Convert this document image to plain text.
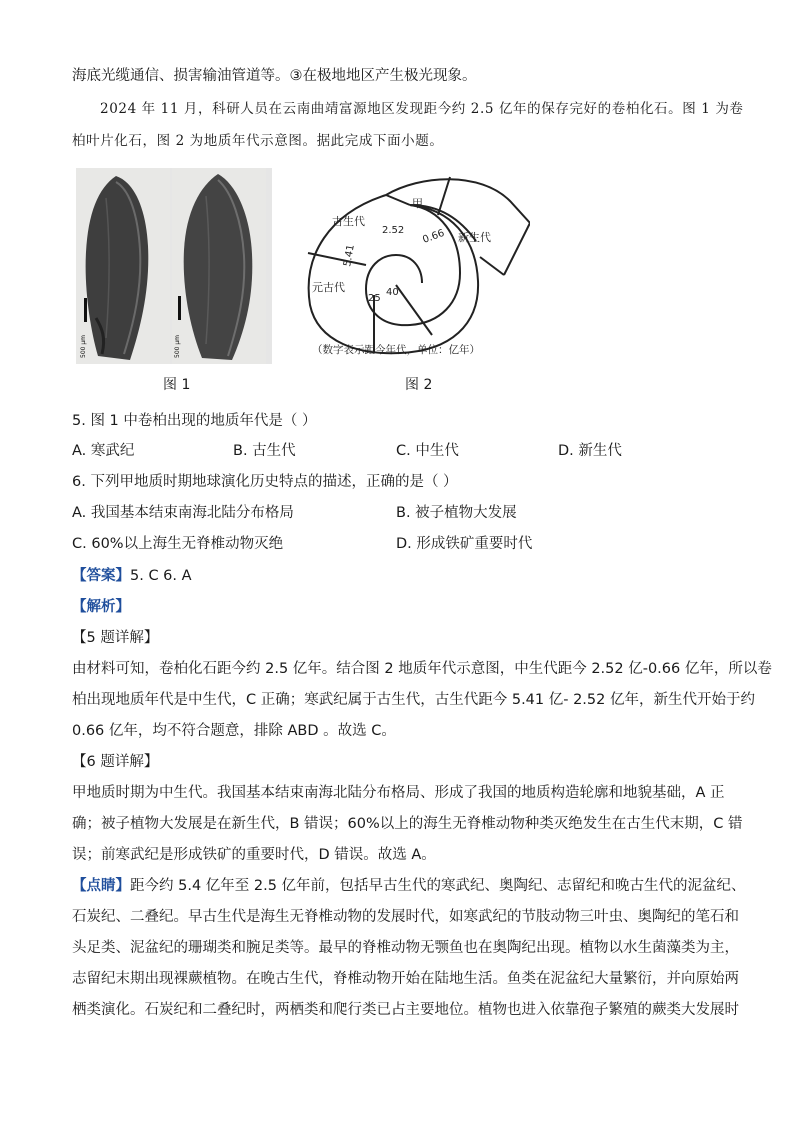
海底光缆通信、损害输油管道等。③在极地地区产生极光现象。
2024 年 11 月，科研人员在云南曲靖富源地区发现距今约 2.5 亿年的保存完好的卷柏化石。图 1 为卷
柏叶片化石，图 2 为地质年代示意图。据此完成下面小题。
500 μm	500 μm
图 1
古生代
甲
新生代
元古代
2.52 0.66
5.41
25
40
（数字表示距今年代，单位：亿年）
图 2
5. 图 1 中卷柏出现的地质年代是（ ）
A. 寒武纪	B. 古生代	C. 中生代	D. 新生代
6. 下列甲地质时期地球演化历史特点的描述，正确的是（ ）
A. 我国基本结束南海北陆分布格局	B. 被子植物大发展
C. 60%以上海生无脊椎动物灭绝	D. 形成铁矿重要时代
【答案】5. C 6. A
【解析】
【5 题详解】
由材料可知，卷柏化石距今约 2.5 亿年。结合图 2 地质年代示意图，中生代距今 2.52 亿-0.66 亿年，所以卷
柏出现地质年代是中生代，C 正确；寒武纪属于古生代，古生代距今 5.41 亿- 2.52 亿年，新生代开始于约
0.66 亿年，均不符合题意，排除 ABD 。故选 C。
【6 题详解】
甲地质时期为中生代。我国基本结束南海北陆分布格局、形成了我国的地质构造轮廓和地貌基础，A 正
确；被子植物大发展是在新生代，B 错误；60%以上的海生无脊椎动物种类灭绝发生在古生代末期，C 错
误；前寒武纪是形成铁矿的重要时代，D 错误。故选 A。
【点睛】距今约 5.4 亿年至 2.5 亿年前，包括早古生代的寒武纪、奥陶纪、志留纪和晚古生代的泥盆纪、
石炭纪、二叠纪。早古生代是海生无脊椎动物的发展时代，如寒武纪的节肢动物三叶虫、奥陶纪的笔石和
头足类、泥盆纪的珊瑚类和腕足类等。最早的脊椎动物无颚鱼也在奥陶纪出现。植物以水生菌藻类为主，
志留纪末期出现裸蕨植物。在晚古生代，脊椎动物开始在陆地生活。鱼类在泥盆纪大量繁衍，并向原始两
栖类演化。石炭纪和二叠纪时，两栖类和爬行类已占主要地位。植物也进入依靠孢子繁殖的蕨类大发展时
